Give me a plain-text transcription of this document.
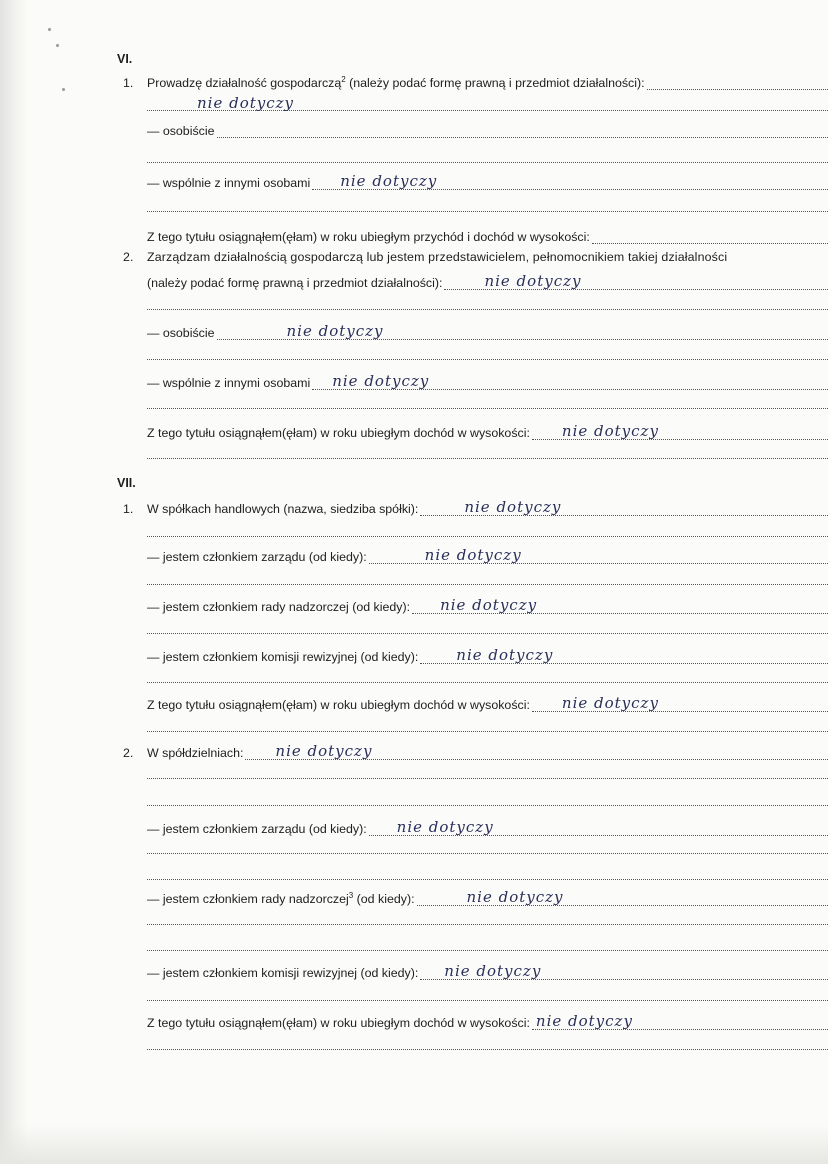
VI.
1. Prowadzę działalność gospodarczą$^2$ (należy podać formę prawną i przedmiot działalności):
nie dotyczy
— osobiście
— wspólnie z innymi osobami nie dotyczy
Z tego tytułu osiągnąłem(ęłam) w roku ubiegłym przychód i dochód w wysokości:
2. Zarządzam działalnością gospodarczą lub jestem przedstawicielem, pełnomocnikiem takiej działalności
(należy podać formę prawną i przedmiot działalności):	nie dotyczy
— osobiście	nie dotyczy
— wspólnie z innymi osobami nie dotyczy
Z tego tytułu osiągnąłem(ęłam) w roku ubiegłym dochód w wysokości: nie dotyczy
VII.
1. W spółkach handlowych (nazwa, siedziba spółki):	nie dotyczy
— jestem członkiem zarządu (od kiedy):	nie dotyczy
— jestem członkiem rady nadzorczej (od kiedy): nie dotyczy
— jestem członkiem komisji rewizyjnej (od kiedy):	nie dotyczy
Z tego tytułu osiągnąłem(ęłam) w roku ubiegłym dochód w wysokości: nie dotyczy
2. W spółdzielniach: nie dotyczy
— jestem członkiem zarządu (od kiedy): nie dotyczy
— jestem członkiem rady nadzorczej$^3$ (od kiedy):	nie dotyczy
— jestem członkiem komisji rewizyjnej (od kiedy): nie dotyczy
Z tego tytułu osiągnąłem(ęłam) w roku ubiegłym dochód w wysokości: nie dotyczy
